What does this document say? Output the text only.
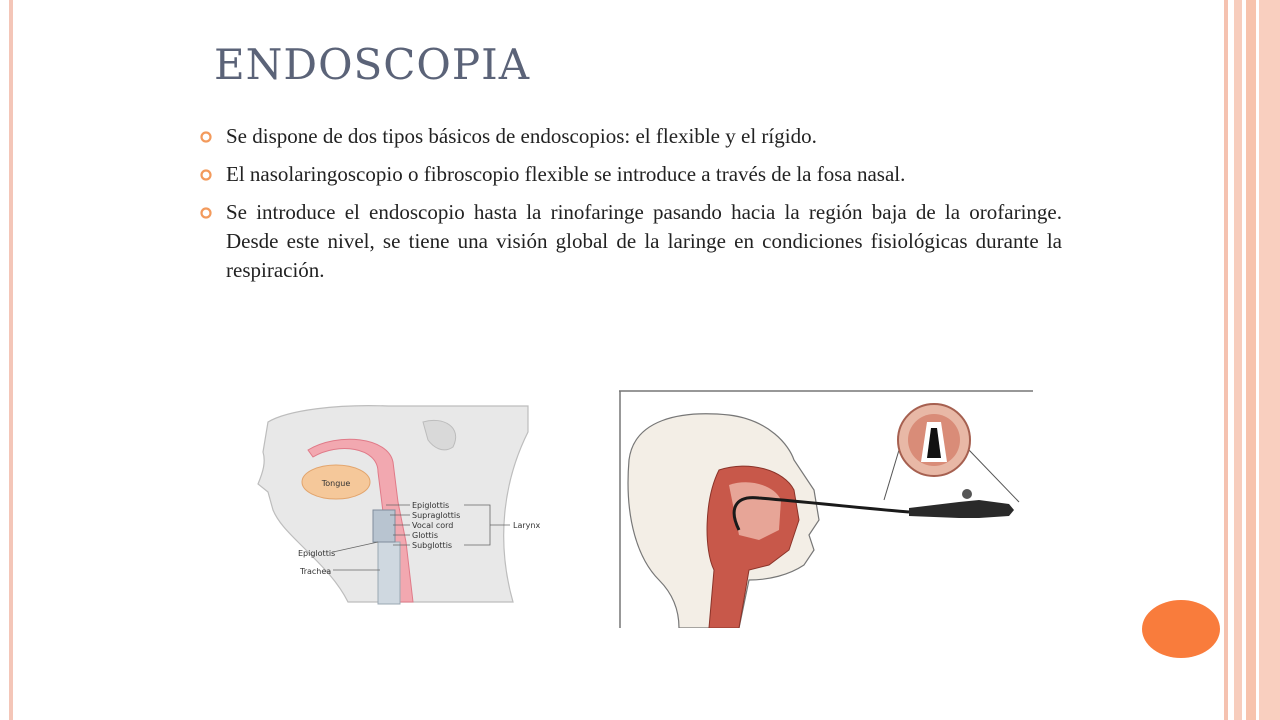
ENDOSCOPIA
Se dispone de dos tipos básicos de endoscopios: el flexible y el rígido.
El nasolaringoscopio o fibroscopio flexible se introduce a través de la fosa nasal.
Se introduce el endoscopio hasta la rinofaringe pasando hacia la región baja de la orofaringe. Desde este nivel, se tiene una visión global de la laringe en condiciones fisiológicas durante la respiración.
Tongue
Epiglottis
Supraglottis
Vocal cord
Glottis
Subglottis
Larynx
Epiglottis
Trachea
